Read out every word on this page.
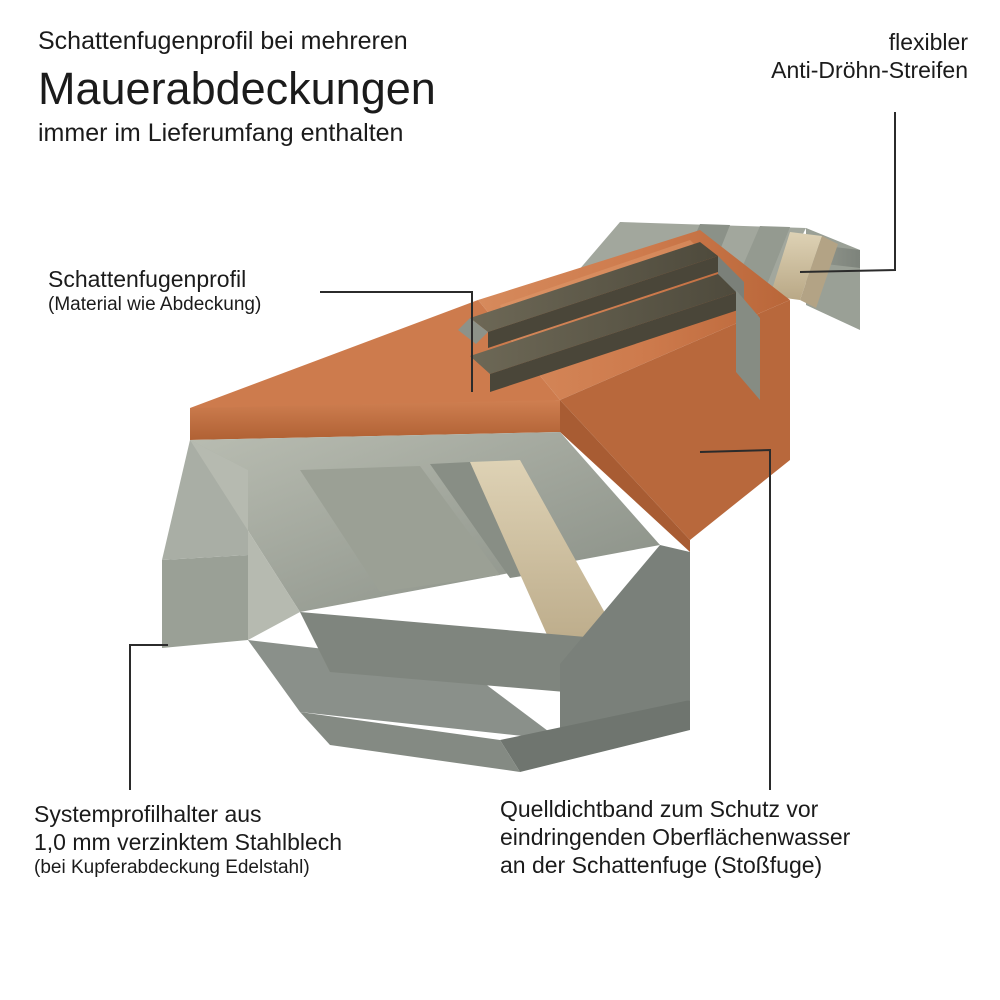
Schattenfugenprofil bei mehreren
Mauerabdeckungen
immer im Lieferumfang enthalten
flexibler
Anti-Dröhn-Streifen
Schattenfugenprofil
(Material wie Abdeckung)
Systemprofilhalter aus
1,0 mm verzinktem Stahlblech
(bei Kupferabdeckung Edelstahl)
Quelldichtband zum Schutz vor
eindringenden Oberflächenwasser
an der Schattenfuge (Stoßfuge)
